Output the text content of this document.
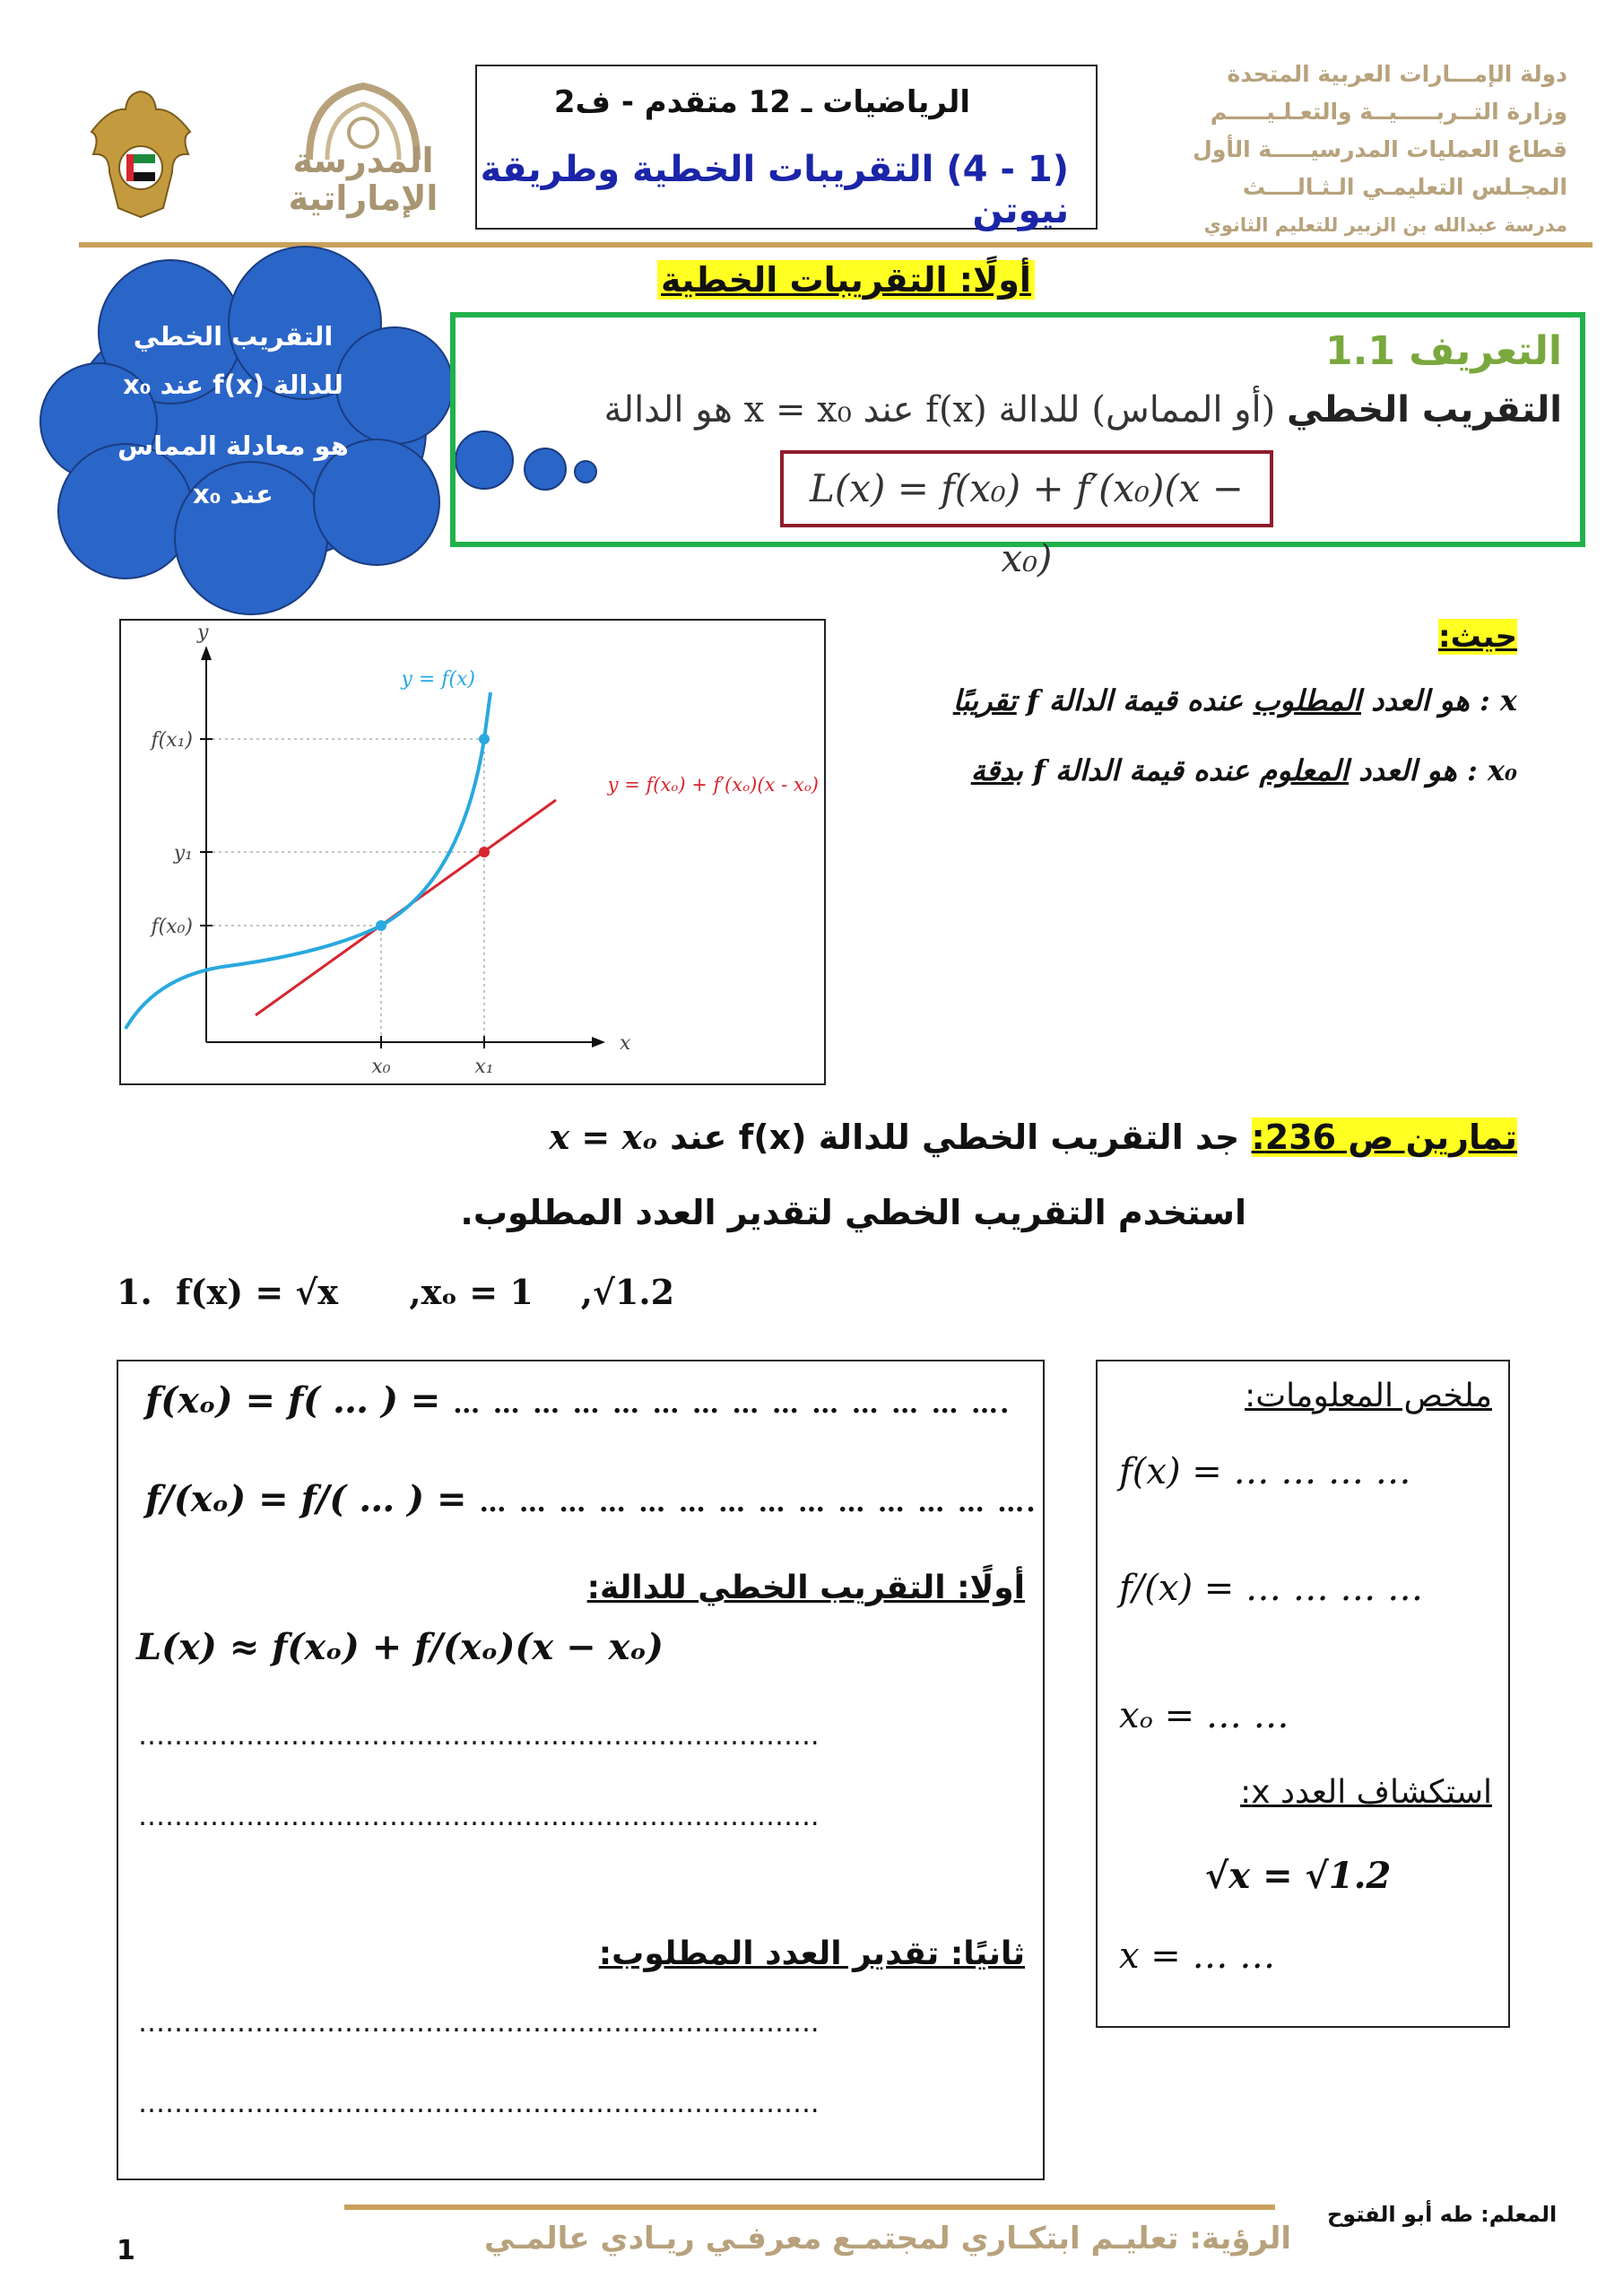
دولة الإمـــارات العربية المتحدة
وزارة التــربـــــيــة والتعـلـيـــــم
قطاع العمليات المدرسيـــــة الأول
المجـلس التعليمـي الـثـالــــث
مدرسة عبدالله بن الزبير للتعليم الثانوي
الرياضيات ـ 12 متقدم - ف2
(1 - 4) التقريبات الخطية وطريقة نيوتن
المدرسة الإماراتية
أولًا: التقريبات الخطية
التقريب الخطي
للدالة f(x) عند x₀
هو معادلة المماس
عند x₀
التعريف 1.1
التقريب الخطي (أو المماس) للدالة f(x) عند x = x₀ هو الدالة
L(x) = f(x₀) + f′(x₀)(x − x₀)
x
y
f(x₁)
y₁
f(x₀)
x₀	x₁
y = f(x)
y = f(xₒ) + f′(xₒ)(x - xₒ)
حيث:
x : هو العدد المطلوب عنده قيمة الدالة f تقريبًا
x₀ : هو العدد المعلوم عنده قيمة الدالة f بدقة
تمارين ص 236: جد التقريب الخطي للدالة f(x) عند x = xₒ
استخدم التقريب الخطي لتقدير العدد المطلوب.
1.  f(x) = √x      ,xₒ = 1    ,√1.2
f(xₒ) = f( … ) = … … … … … … … … … … … … … ….
f/(xₒ) = f/( … ) = … … … … … … … … … … … … … ….
أولًا: التقريب الخطي للدالة:
L(x) ≈ f(xₒ) + f/(xₒ)(x − xₒ)
………………………………………………………………….
………………………………………………………………….
ثانيًا: تقدير العدد المطلوب:
………………………………………………………………….
………………………………………………………………….
ملخص المعلومات:
f(x) = … … … …
f/(x) = … … … …
xₒ = … …
استكشاف العدد x:
√x = √1.2
x = … …
المعلم: طه أبو الفتوح
الرؤية: تعليـم ابتكـاري لمجتمـع معرفـي ريـادي عالمـي
1
